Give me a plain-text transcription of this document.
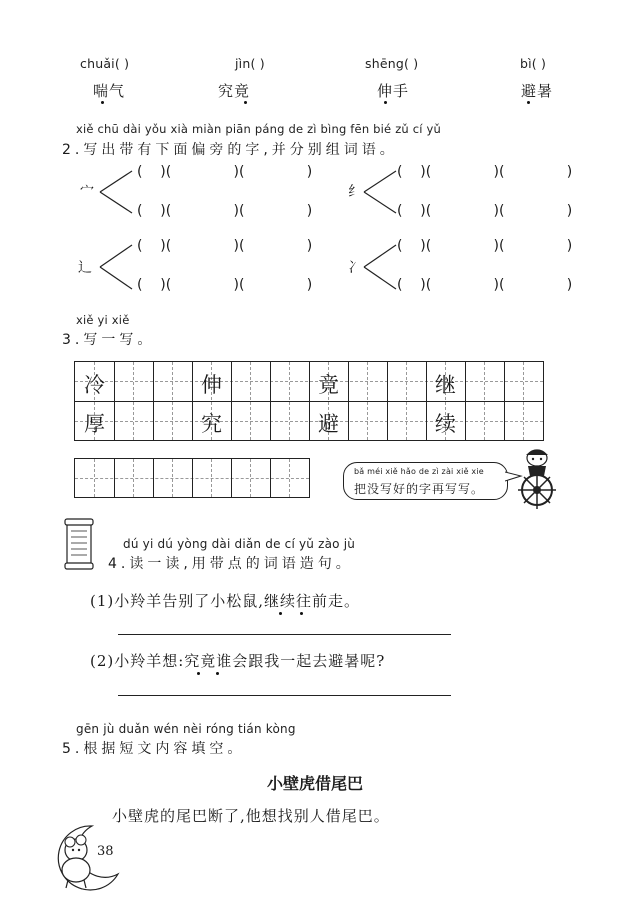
chuǎi( )	jìn( )	shēng( )	bì( )
喘气	究竟	伸手	避暑
xiě chū dài yǒu xià miàn piān páng de zì bìng fēn bié zǔ cí yǔ
2.写出带有下面偏旁的字,并分别组词语。
宀
(    )(              )(              )
(    )(              )(              )
纟
(    )(              )(              )
(    )(              )(              )
辶
(    )(              )(              )
(    )(              )(              )
冫
(    )(              )(              )
(    )(              )(              )
xiě yi xiě
3.写一写。
冷	伸	竟	继
厚	究	避	续
bǎ méi xiě hǎo de zì zài xiě xie
把没写好的字再写写。
dú yi dú yòng dài diǎn de cí yǔ zào jù
4.读一读,用带点的词语造句。
(1)小羚羊告别了小松鼠,继续往前走。
(2)小羚羊想:究竟谁会跟我一起去避暑呢?
gēn jù duǎn wén nèi róng tián kòng
5.根据短文内容填空。
小壁虎借尾巴
小壁虎的尾巴断了,他想找别人借尾巴。
38
